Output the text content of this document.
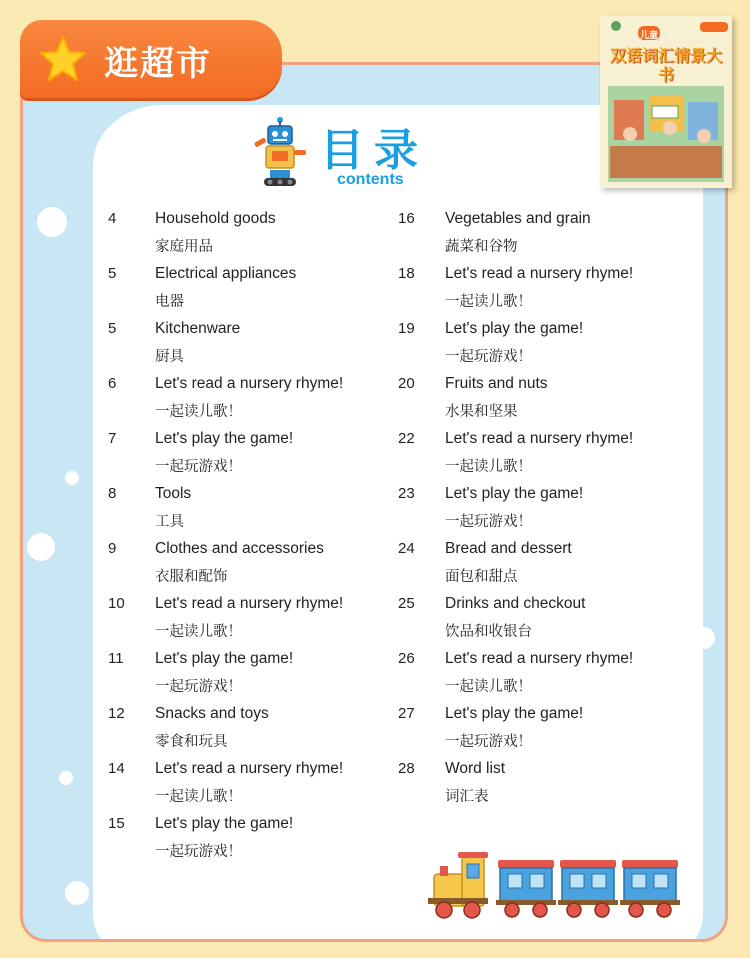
逛超市
儿童
双语词汇情景大书
目录
contents
4	Household goods
家庭用品
5	Electrical appliances
电器
5	Kitchenware
厨具
6	Let's read a nursery rhyme!
一起读儿歌！
7	Let's play the game!
一起玩游戏！
8	Tools
工具
9	Clothes and accessories
衣服和配饰
10	Let's read a nursery rhyme!
一起读儿歌！
11	Let's play the game!
一起玩游戏！
12	Snacks and toys
零食和玩具
14	Let's read a nursery rhyme!
一起读儿歌！
15	Let's play the game!
一起玩游戏！
16	Vegetables and grain
蔬菜和谷物
18	Let's read a nursery rhyme!
一起读儿歌！
19	Let's play the game!
一起玩游戏！
20	Fruits and nuts
水果和坚果
22	Let's read a nursery rhyme!
一起读儿歌！
23	Let's play the game!
一起玩游戏！
24	Bread and dessert
面包和甜点
25	Drinks and checkout
饮品和收银台
26	Let's read a nursery rhyme!
一起读儿歌！
27	Let's play the game!
一起玩游戏！
28	Word list
词汇表
